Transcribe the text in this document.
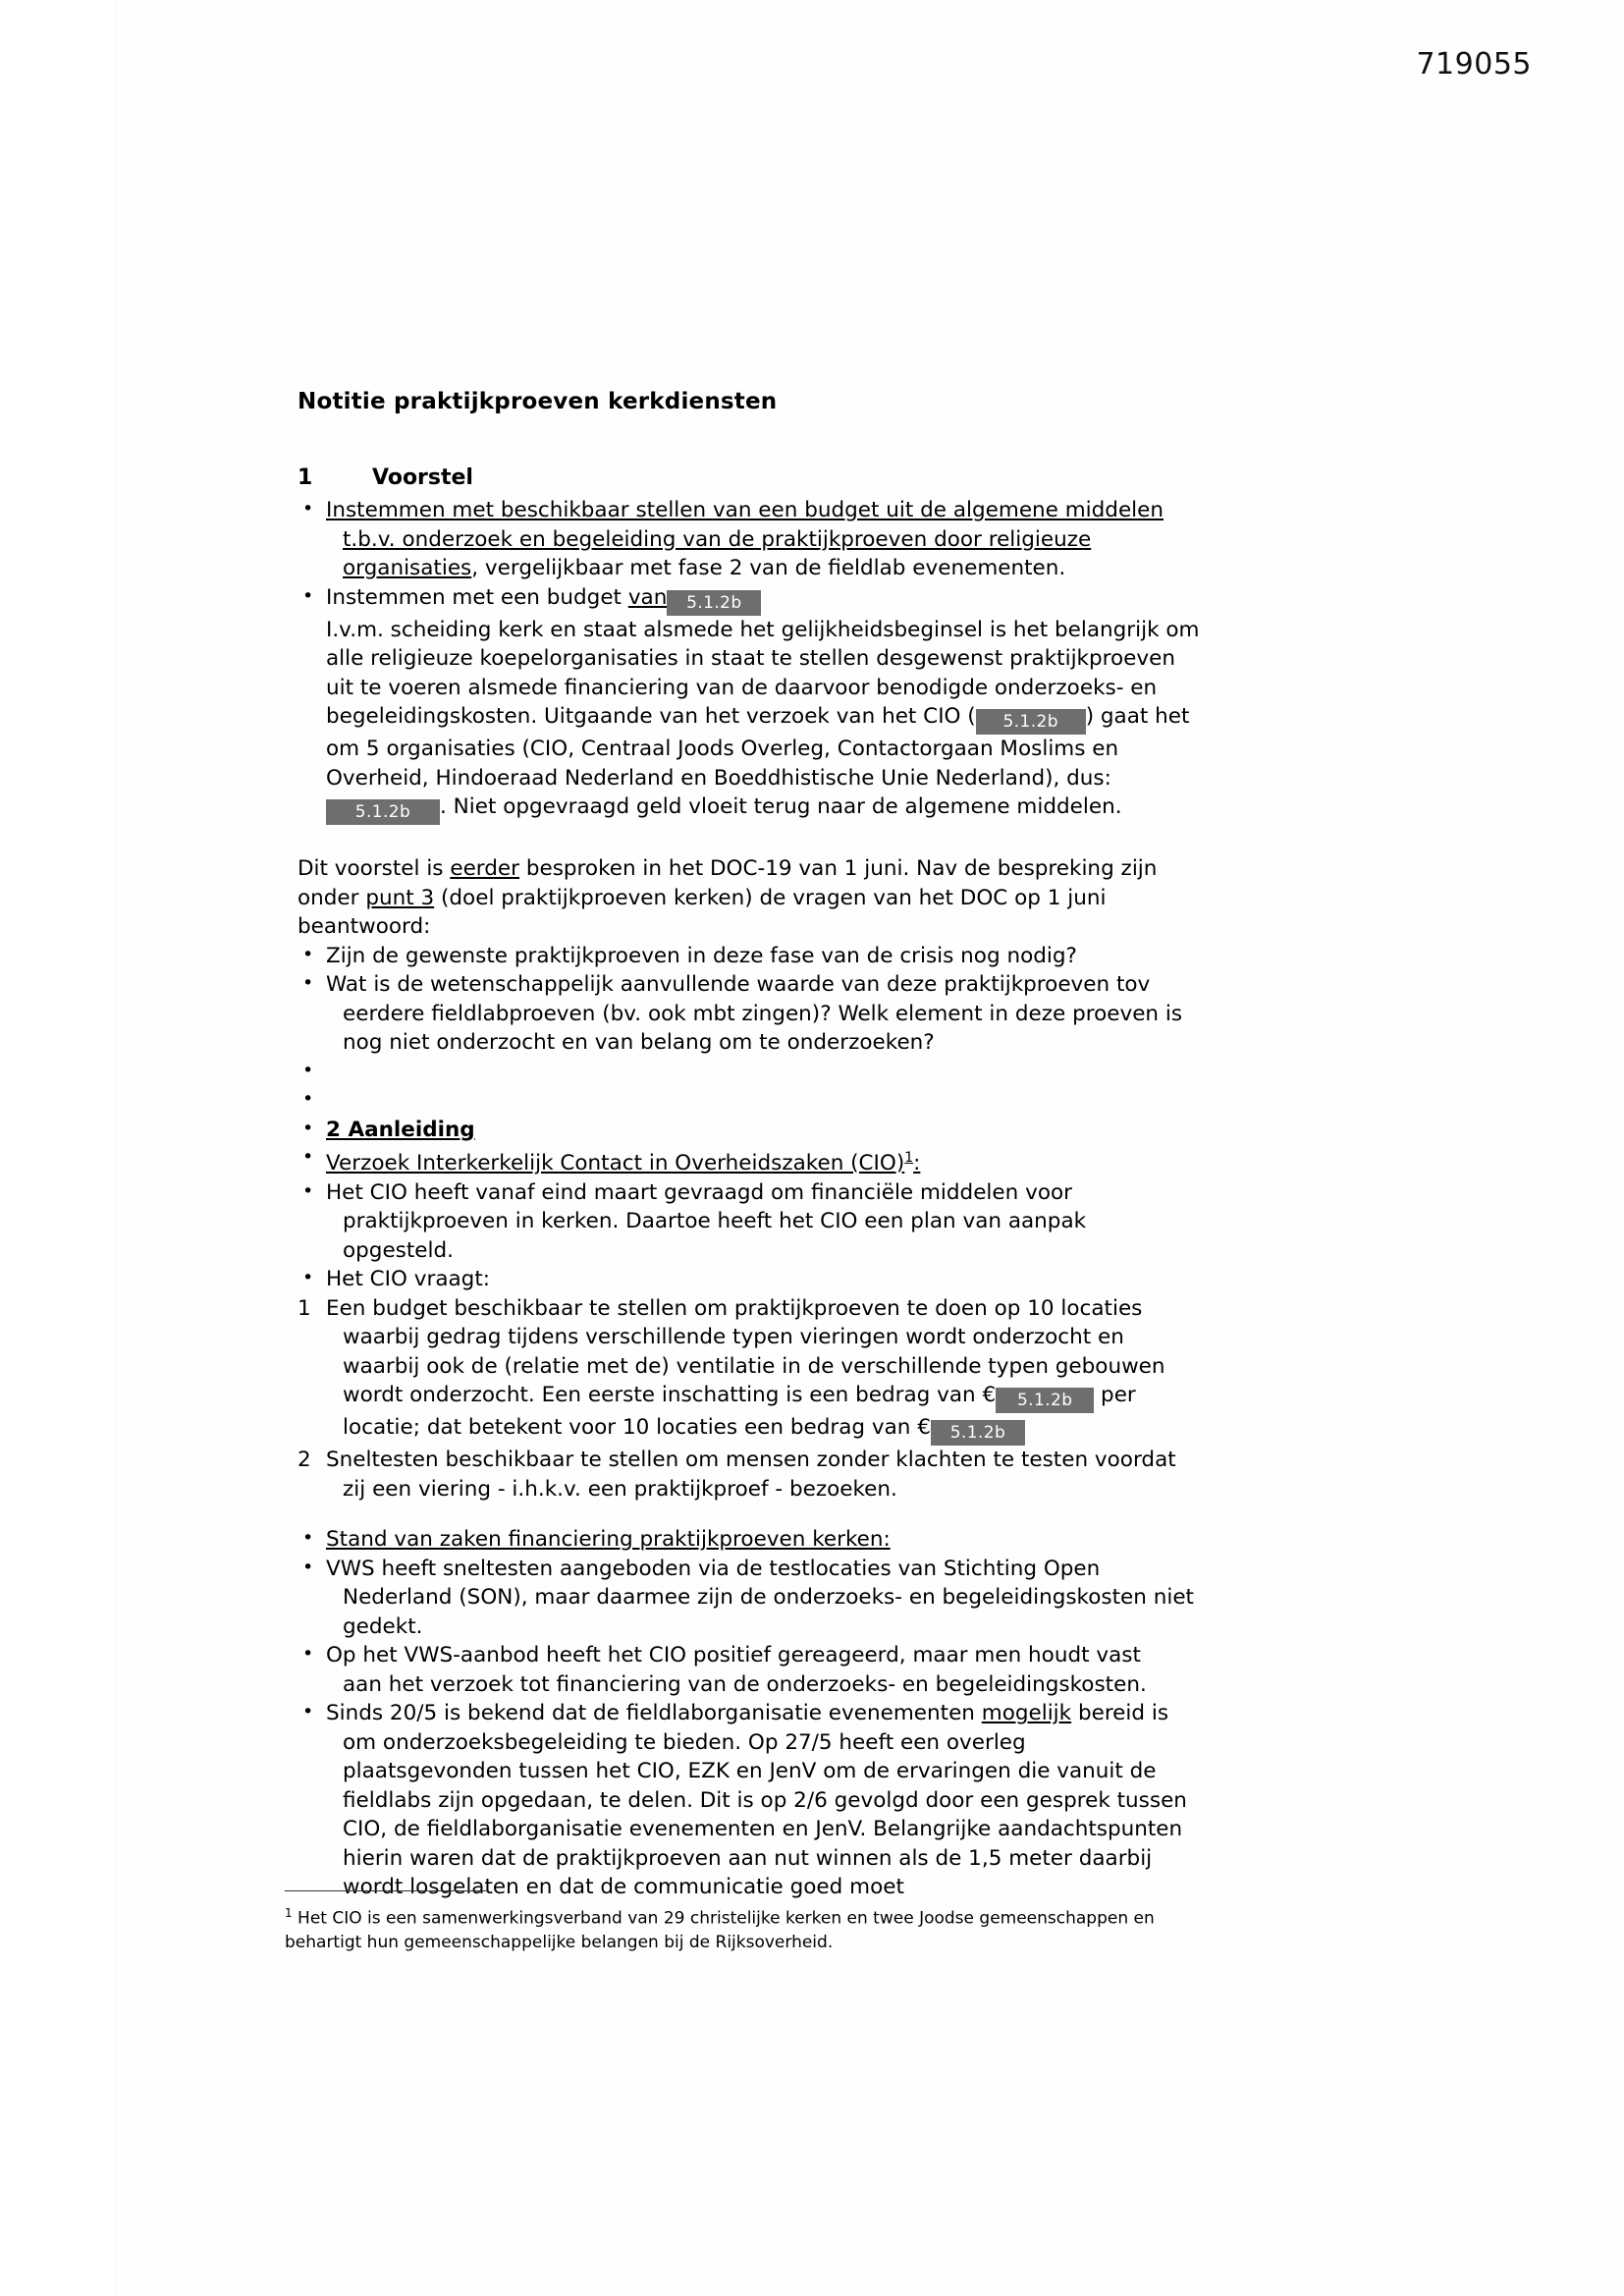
719055
Notitie praktijkproeven kerkdiensten
1	Voorstel
• Instemmen met beschikbaar stellen van een budget uit de algemene middelen
t.b.v. onderzoek en begeleiding van de praktijkproeven door religieuze
organisaties, vergelijkbaar met fase 2 van de fieldlab evenementen.
• Instemmen met een budget van 5.1.2b
I.v.m. scheiding kerk en staat alsmede het gelijkheidsbeginsel is het belangrijk om alle religieuze koepelorganisaties in staat te stellen desgewenst praktijkproeven uit te voeren alsmede financiering van de daarvoor benodigde onderzoeks- en begeleidingskosten. Uitgaande van het verzoek van het CIO ( 5.1.2b ) gaat het om 5 organisaties (CIO, Centraal Joods Overleg, Contactorgaan Moslims en Overheid, Hindoeraad Nederland en Boeddhistische Unie Nederland), dus: 5.1.2b . Niet opgevraagd geld vloeit terug naar de algemene middelen.

Dit voorstel is eerder besproken in het DOC-19 van 1 juni. Nav de bespreking zijn onder punt 3 (doel praktijkproeven kerken) de vragen van het DOC op 1 juni beantwoord:

• Zijn de gewenste praktijkproeven in deze fase van de crisis nog nodig?
• Wat is de wetenschappelijk aanvullende waarde van deze praktijkproeven tov
eerdere fieldlabproeven (bv. ook mbt zingen)? Welk element in deze proeven is nog niet onderzocht en van belang om te onderzoeken?
•
•
• 2 Aanleiding
• Verzoek Interkerkelijk Contact in Overheidszaken (CIO)$^1$:
• Het CIO heeft vanaf eind maart gevraagd om financiële middelen voor
praktijkproeven in kerken. Daartoe heeft het CIO een plan van aanpak opgesteld.
• Het CIO vraagt:
1 Een budget beschikbaar te stellen om praktijkproeven te doen op 10 locaties
waarbij gedrag tijdens verschillende typen vieringen wordt onderzocht en waarbij ook de (relatie met de) ventilatie in de verschillende typen gebouwen wordt onderzocht. Een eerste inschatting is een bedrag van € 5.1.2b per locatie; dat betekent voor 10 locaties een bedrag van € 5.1.2b
2 Sneltesten beschikbaar te stellen om mensen zonder klachten te testen voordat
zij een viering - i.h.k.v. een praktijkproef - bezoeken.
• Stand van zaken financiering praktijkproeven kerken:
• VWS heeft sneltesten aangeboden via de testlocaties van Stichting Open
Nederland (SON), maar daarmee zijn de onderzoeks- en begeleidingskosten niet gedekt.
• Op het VWS-aanbod heeft het CIO positief gereageerd, maar men houdt vast
aan het verzoek tot financiering van de onderzoeks- en begeleidingskosten.
• Sinds 20/5 is bekend dat de fieldlaborganisatie evenementen mogelijk bereid is
om onderzoeksbegeleiding te bieden. Op 27/5 heeft een overleg plaatsgevonden tussen het CIO, EZK en JenV om de ervaringen die vanuit de fieldlabs zijn opgedaan, te delen. Dit is op 2/6 gevolgd door een gesprek tussen CIO, de fieldlaborganisatie evenementen en JenV. Belangrijke aandachtspunten hierin waren dat de praktijkproeven aan nut winnen als de 1,5 meter daarbij wordt losgelaten en dat de communicatie goed moet

$^1$ Het CIO is een samenwerkingsverband van 29 christelijke kerken en twee Joodse gemeenschappen en behartigt hun gemeenschappelijke belangen bij de Rijksoverheid.
